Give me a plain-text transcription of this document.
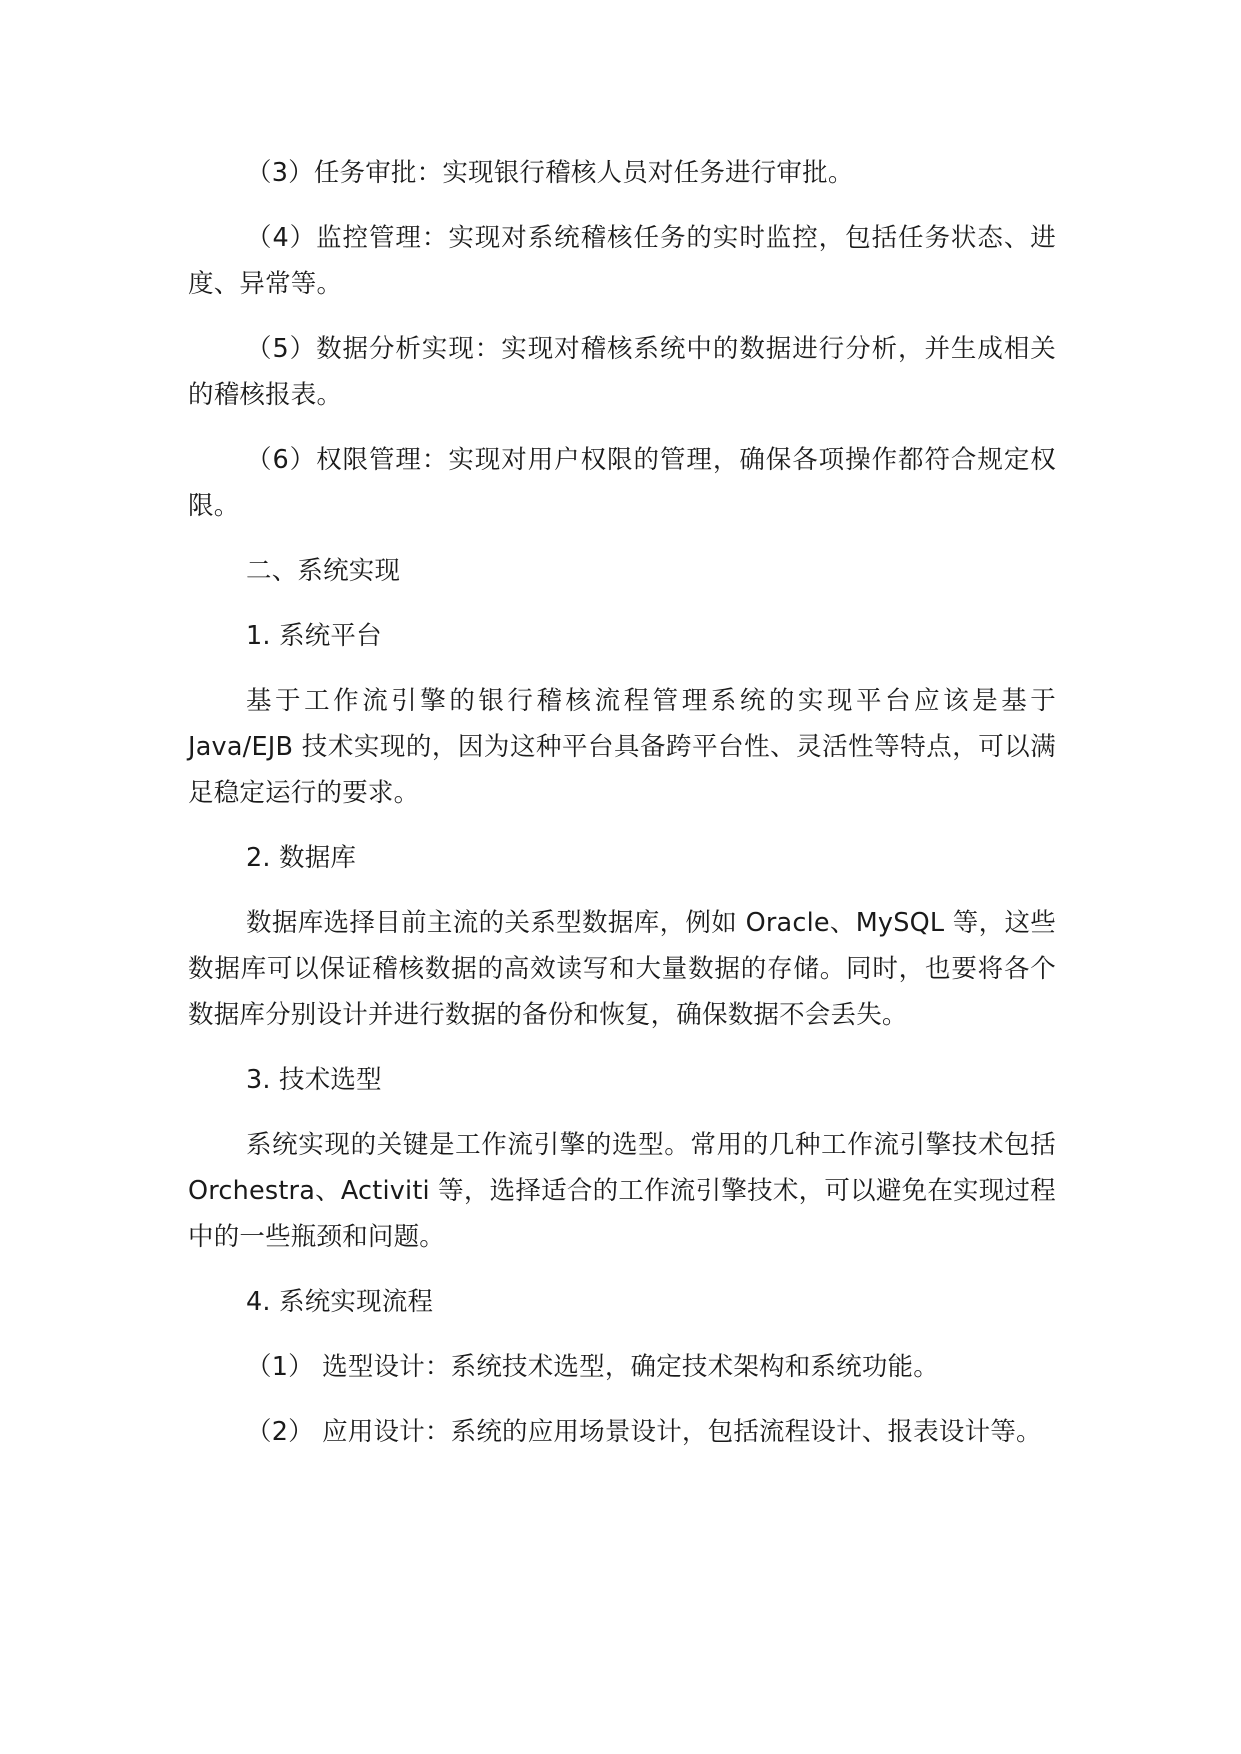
（3）任务审批：实现银行稽核人员对任务进行审批。

（4）监控管理：实现对系统稽核任务的实时监控，包括任务状态、进度、异常等。

（5）数据分析实现：实现对稽核系统中的数据进行分析，并生成相关的稽核报表。

（6）权限管理：实现对用户权限的管理，确保各项操作都符合规定权限。

二、系统实现

1. 系统平台

基于工作流引擎的银行稽核流程管理系统的实现平台应该是基于 Java/EJB 技术实现的，因为这种平台具备跨平台性、灵活性等特点，可以满足稳定运行的要求。

2. 数据库

数据库选择目前主流的关系型数据库，例如 Oracle、MySQL 等，这些数据库可以保证稽核数据的高效读写和大量数据的存储。同时，也要将各个数据库分别设计并进行数据的备份和恢复，确保数据不会丢失。

3. 技术选型

系统实现的关键是工作流引擎的选型。常用的几种工作流引擎技术包括 Orchestra、Activiti 等，选择适合的工作流引擎技术，可以避免在实现过程中的一些瓶颈和问题。

4. 系统实现流程

（1） 选型设计：系统技术选型，确定技术架构和系统功能。

（2） 应用设计：系统的应用场景设计，包括流程设计、报表设计等。
